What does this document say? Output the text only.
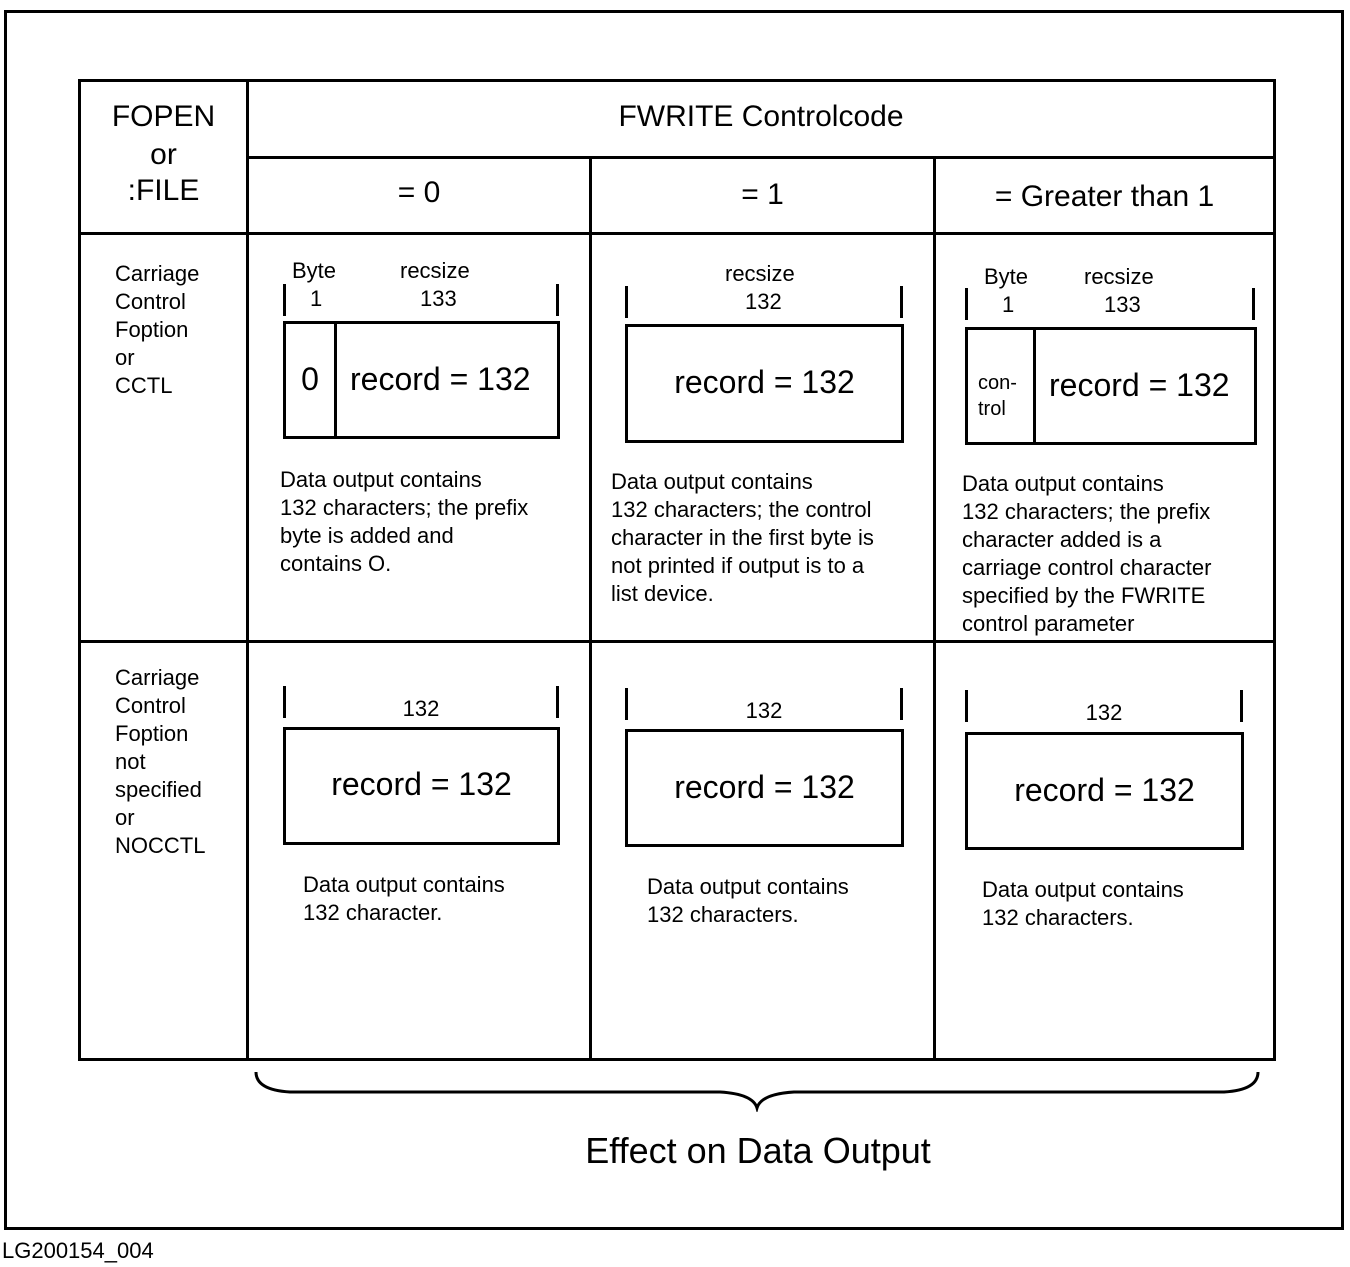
FOPEN
or
:FILE
FWRITE Controlcode
= 0	= 1	= Greater than 1
Carriage
Control
Foption
or
CCTL
Carriage
Control
Foption
not
specified
or
NOCCTL
Byte
1
recsize
133
0 record = 132
Data output contains
132 characters; the prefix
byte is added and
contains O.
recsize
132
record = 132
Data output contains
132 characters; the control
character in the first byte is
not printed if output is to a
list device.
Byte
1
recsize
133
con-
trol
record = 132
Data output contains
132 characters; the prefix
character added is a
carriage control character
specified by the FWRITE
control parameter
132
record = 132
Data output contains
132 character.
132
record = 132
Data output contains
132 characters.
132
record = 132
Data output contains
132 characters.
Effect on Data Output
LG200154_004
